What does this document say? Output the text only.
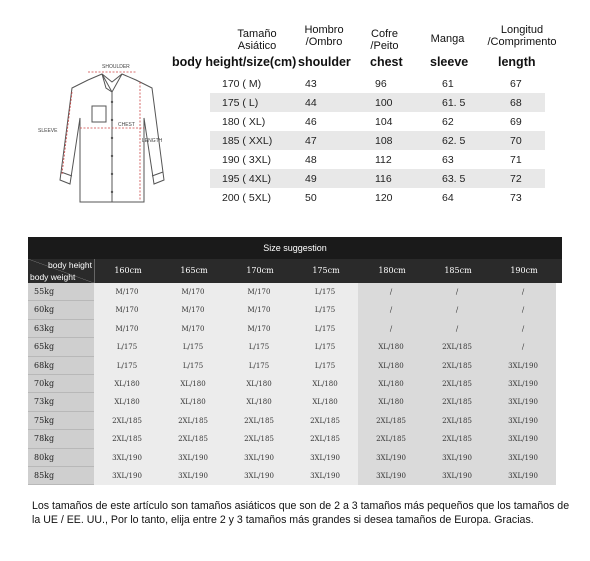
SHOULDER
CHEST
SLEEVE
LENGTH
Tamaño
Asiático
Hombro
/Ombro
Cofre
/Peito
Manga
Longitud
/Comprimento
body height/size(cm) shoulder chest sleeve length
170 ( M)	43	96	61	67
175 ( L)	44	100	61. 5	68
180 ( XL)	46	104	62	69
185 ( XXL)	47	108	62. 5	70
190 ( 3XL)	48	112	63	71
195 ( 4XL)	49	116	63. 5	72
200 ( 5XL)	50	120	64	73
Size suggestion
body height
body weight
160cm	165cm	170cm	175cm	180cm	185cm	190cm
55kg	M/170	M/170	M/170	L/175	/	/	/
60kg	M/170	M/170	M/170	L/175	/	/	/
63kg	M/170	M/170	M/170	L/175	/	/	/
65kg	L/175	L/175	L/175	L/175	XL/180	2XL/185	/
68kg	L/175	L/175	L/175	L/175	XL/180	2XL/185	3XL/190
70kg	XL/180	XL/180	XL/180	XL/180	XL/180	2XL/185	3XL/190
73kg	XL/180	XL/180	XL/180	XL/180	XL/180	2XL/185	3XL/190
75kg	2XL/185	2XL/185	2XL/185	2XL/185	2XL/185	2XL/185	3XL/190
78kg	2XL/185	2XL/185	2XL/185	2XL/185	2XL/185	2XL/185	3XL/190
80kg	3XL/190	3XL/190	3XL/190	3XL/190	3XL/190	3XL/190	3XL/190
85kg	3XL/190	3XL/190	3XL/190	3XL/190	3XL/190	3XL/190	3XL/190
Los tamaños de este artículo son tamaños asiáticos que son de 2 a 3 tamaños más pequeños que los tamaños de la UE / EE. UU., Por lo tanto, elija entre 2 y 3 tamaños más grandes si desea tamaños de Europa. Gracias.
